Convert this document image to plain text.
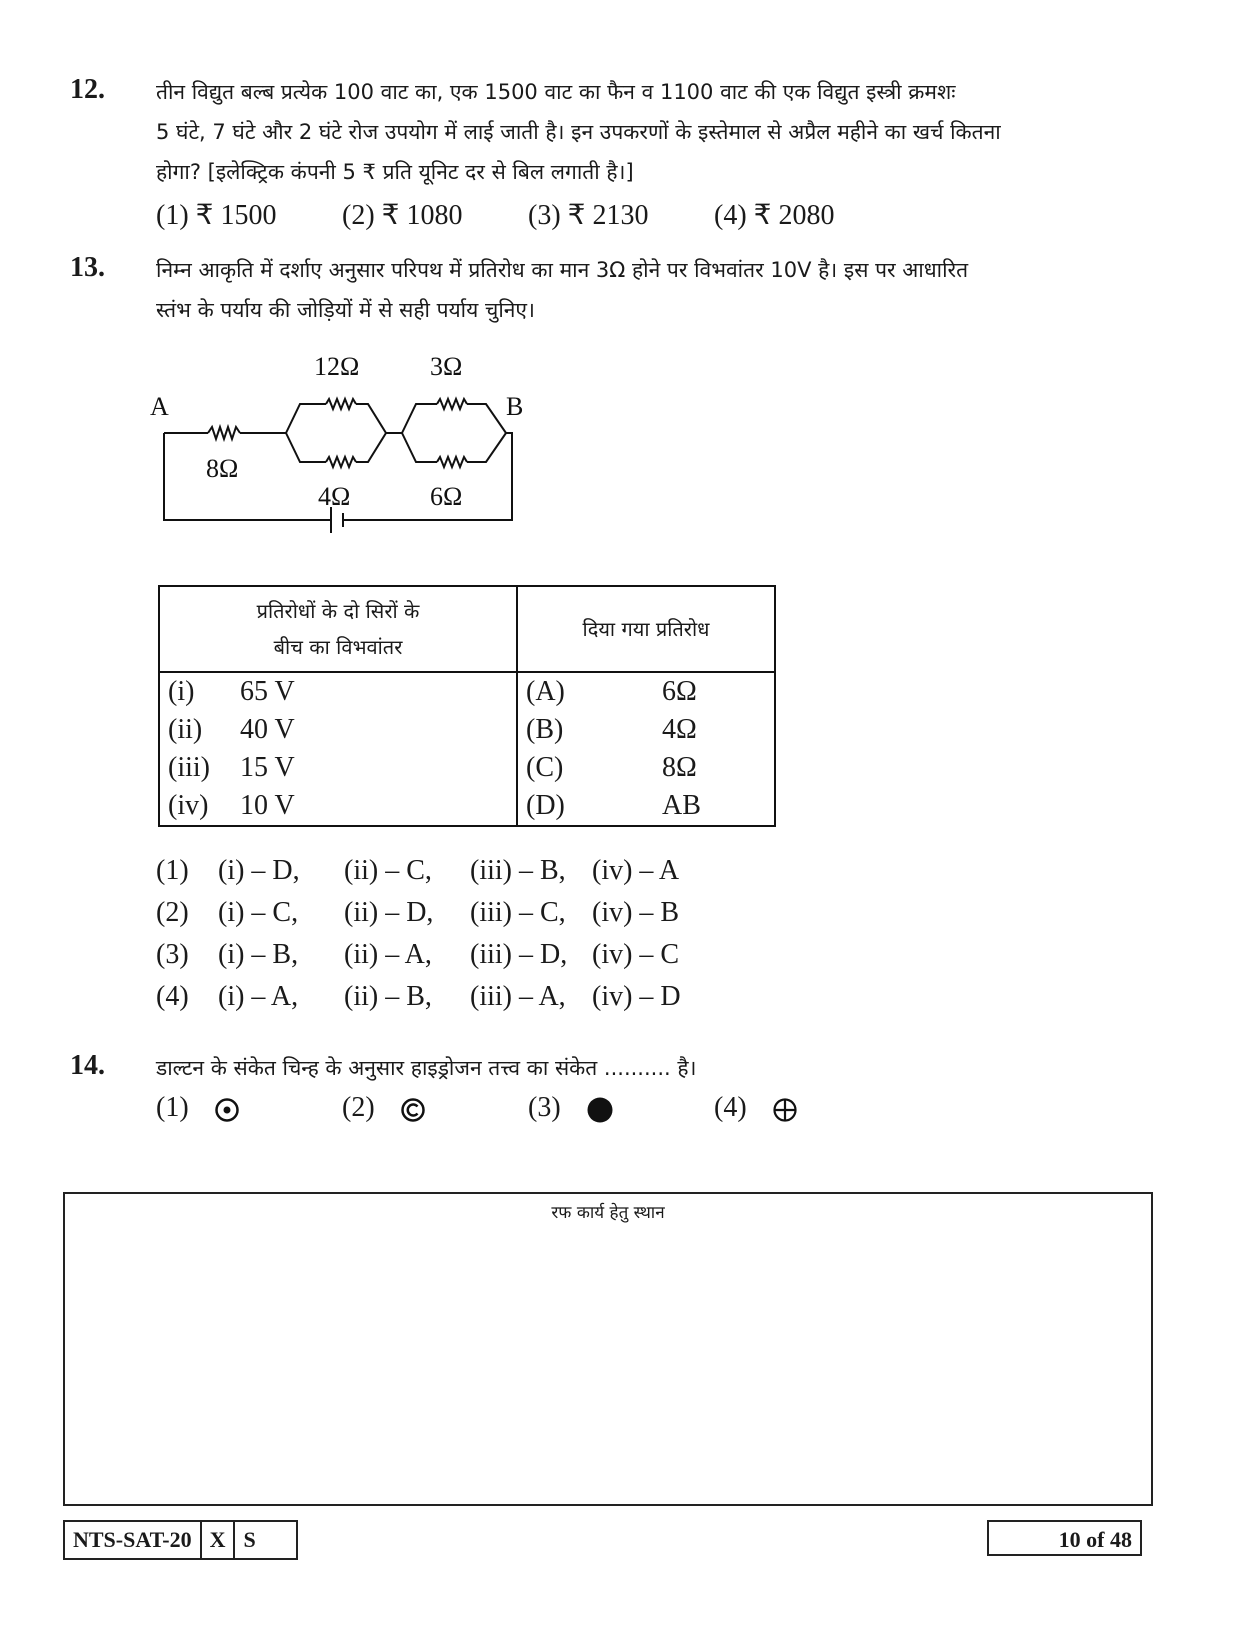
12. तीन विद्युत बल्ब प्रत्येक 100 वाट का, एक 1500 वाट का फैन व 1100 वाट की एक विद्युत इस्त्री क्रमशः
5 घंटे, 7 घंटे और 2 घंटे रोज उपयोग में लाई जाती है। इन उपकरणों के इस्तेमाल से अप्रैल महीने का खर्च कितना
होगा? [इलेक्ट्रिक कंपनी 5 ₹ प्रति यूनिट दर से बिल लगाती है।]
(1) ₹ 1500 (2) ₹ 1080 (3) ₹ 2130 (4) ₹ 2080
13. निम्न आकृति में दर्शाए अनुसार परिपथ में प्रतिरोध का मान 3Ω होने पर विभवांतर 10V है। इस पर आधारित
स्तंभ के पर्याय की जोड़ियों में से सही पर्याय चुनिए।
A	B
8Ω
12Ω
4Ω
3Ω
6Ω
प्रतिरोधों के दो सिरों के
बीच का विभवांतर	दिया गया प्रतिरोध
(i) 65 V	(A) 6Ω
(ii) 40 V	(B) 4Ω
(iii) 15 V	(C) 8Ω
(iv) 10 V	(D) AB
(1) (i) – D, (ii) – C, (iii) – B, (iv) – A
(2) (i) – C, (ii) – D, (iii) – C, (iv) – B
(3) (i) – B, (ii) – A, (iii) – D, (iv) – C
(4) (i) – A, (ii) – B, (iii) – A, (iv) – D
14. डाल्टन के संकेत चिन्ह के अनुसार हाइड्रोजन तत्त्व का संकेत .......... है।
(1)	(2)	(3)	(4)
रफ कार्य हेतु स्थान
NTS-SAT-20 X S	10 of 48
